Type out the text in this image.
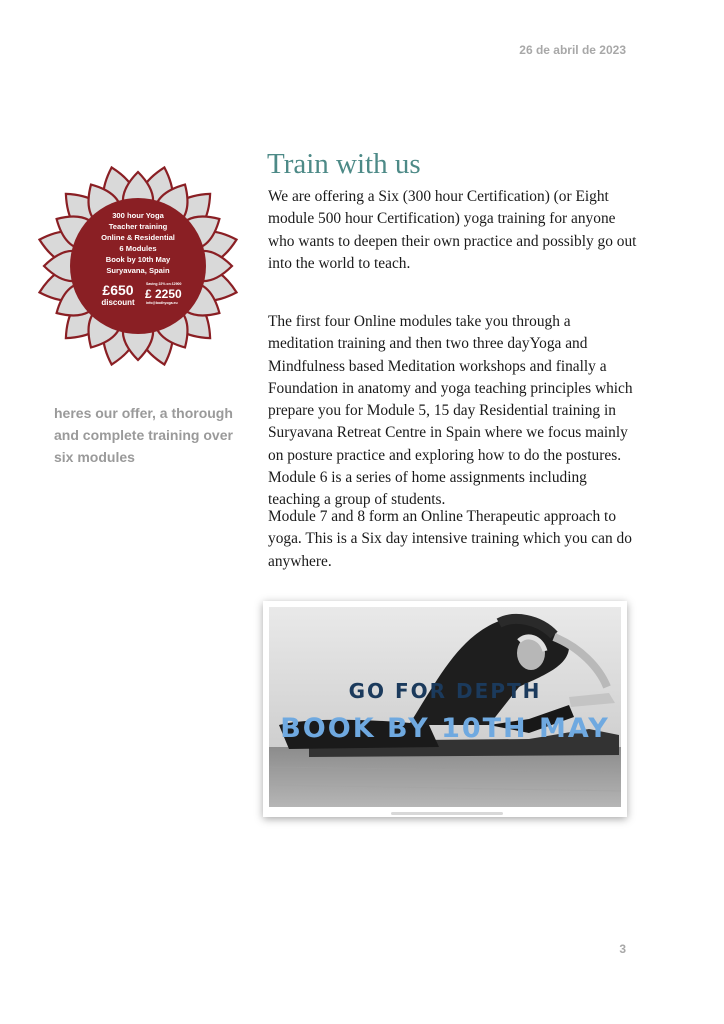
26 de abril de 2023
Train with us

We are offering a Six (300 hour Certification) (or Eight module 500 hour Certification) yoga training for anyone who wants to deepen their own practice and possibly go out into the world to teach.

The first four Online modules take you through a meditation training and then two three dayYoga and Mindfulness based Meditation workshops and finally a Foundation in anatomy and yoga teaching principles which prepare you for Module 5, 15 day Residential training in Suryavana Retreat Centre in Spain where we focus mainly on posture practice and exploring how to do the postures. Module 6 is a series of home assignments including teaching a group of students.

Module 7 and 8 form an Online Therapeutic approach to yoga. This is a Six day intensive training which you can do anywhere.

300 hour Yoga
Teacher training
Online & Residential
6 Modules
Book by 10th May
Suryavana, Spain
£650
discount
Saving 22% on £2900
£ 2250
info@bodhyoga.eu
heres our offer, a thorough and complete training over six modules
GO FOR DEPTH
BOOK BY 10TH MAY
3
